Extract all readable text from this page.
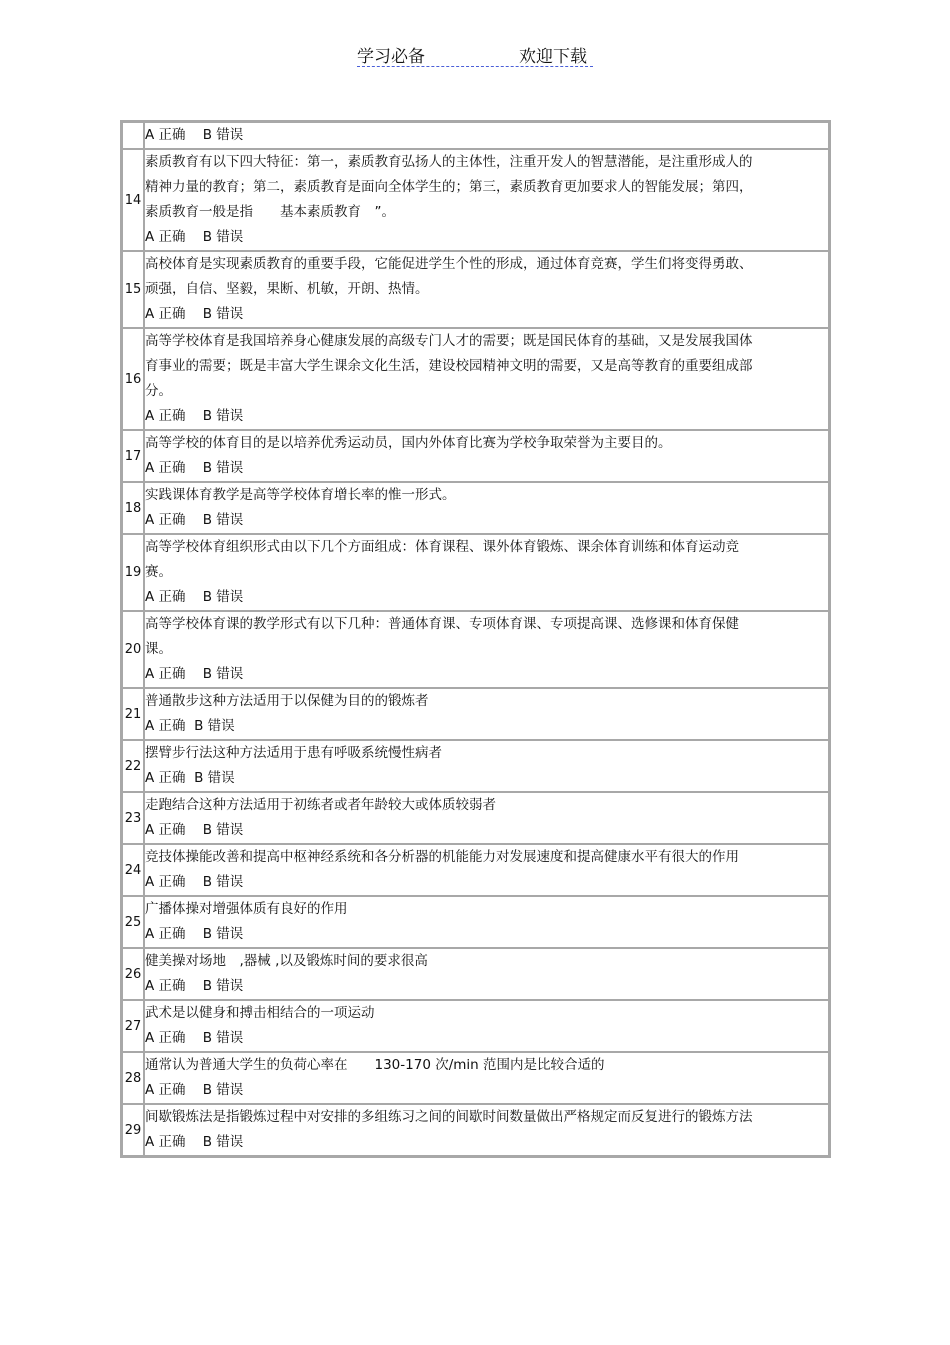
学习必备	欢迎下载

	A 正确    B 错误

14	素质教育有以下四大特征：第一，素质教育弘扬人的主体性，注重开发人的智慧潜能，是注重形成人的精神力量的教育；第二，素质教育是面向全体学生的；第三，素质教育更加要求人的智能发展；第四，素质教育一般是指　　基本素质教育　”。
A 正确    B 错误

15	高校体育是实现素质教育的重要手段，它能促进学生个性的形成，通过体育竞赛，学生们将变得勇敢、顽强，自信、坚毅，果断、机敏，开朗、热情。
A 正确    B 错误

16	高等学校体育是我国培养身心健康发展的高级专门人才的需要；既是国民体育的基础，又是发展我国体育事业的需要；既是丰富大学生课余文化生活，建设校园精神文明的需要，又是高等教育的重要组成部分。
A 正确    B 错误

17	高等学校的体育目的是以培养优秀运动员，国内外体育比赛为学校争取荣誉为主要目的。
A 正确    B 错误

18	实践课体育教学是高等学校体育增长率的惟一形式。
A 正确    B 错误

19	高等学校体育组织形式由以下几个方面组成：体育课程、课外体育锻炼、课余体育训练和体育运动竞赛。
A 正确    B 错误

20	高等学校体育课的教学形式有以下几种：普通体育课、专项体育课、专项提高课、选修课和体育保健课。
A 正确    B 错误

21	普通散步这种方法适用于以保健为目的的锻炼者
A 正确  B 错误

22	摆臂步行法这种方法适用于患有呼吸系统慢性病者
A 正确  B 错误

23	走跑结合这种方法适用于初练者或者年龄较大或体质较弱者
A 正确    B 错误

24	竞技体操能改善和提高中枢神经系统和各分析器的机能能力对发展速度和提高健康水平有很大的作用
A 正确    B 错误

25	广播体操对增强体质有良好的作用
A 正确    B 错误

26	健美操对场地　,器械 ,以及锻炼时间的要求很高
A 正确    B 错误

27	武术是以健身和搏击相结合的一项运动
A 正确    B 错误

28	通常认为普通大学生的负荷心率在　　130-170 次/min 范围内是比较合适的
A 正确    B 错误

29	间歇锻炼法是指锻炼过程中对安排的多组练习之间的间歇时间数量做出严格规定而反复进行的锻炼方法
A 正确    B 错误
